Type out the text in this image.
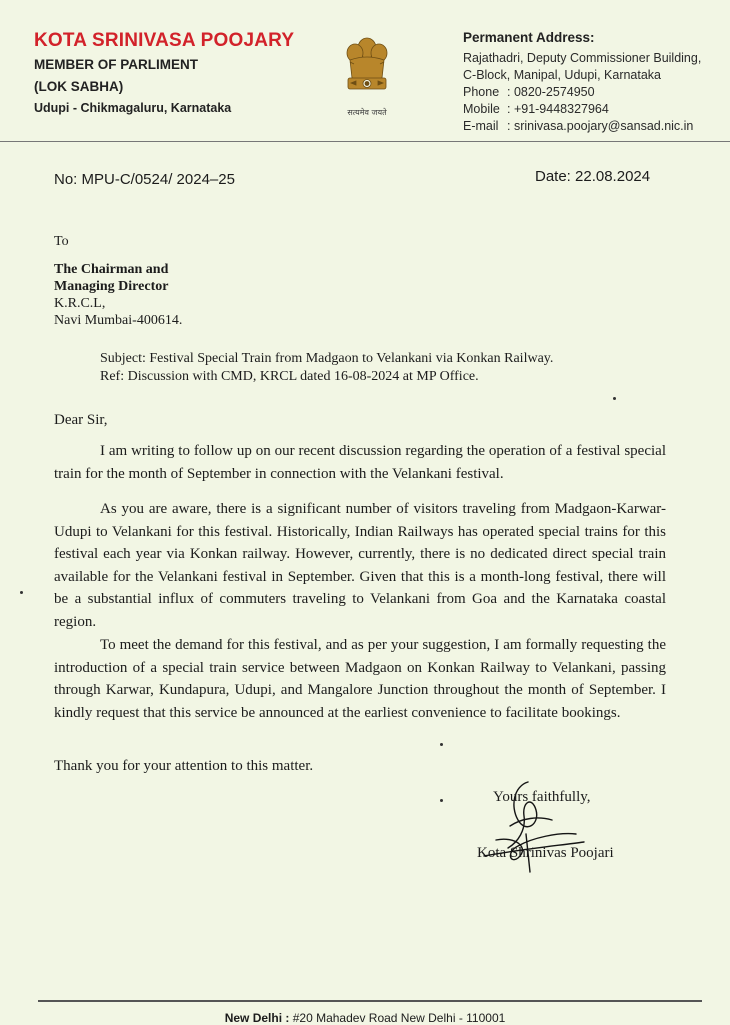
KOTA SRINIVASA POOJARY
MEMBER OF PARLIMENT
(LOK SABHA)
Udupi - Chikmagaluru, Karnataka	सत्यमेव जयते
Permanent Address:
Rajathadri, Deputy Commissioner Building,
C-Block, Manipal, Udupi, Karnataka
Phone : 0820-2574950
Mobile : +91-9448327964
E-mail : srinivasa.poojary@sansad.nic.in
No: MPU-C/0524/ 2024–25	Date: 22.08.2024
To
The Chairman and
Managing Director
K.R.C.L,
Navi Mumbai-400614.
Subject: Festival Special Train from Madgaon to Velankani via Konkan Railway.
Ref: Discussion with CMD, KRCL dated 16-08-2024 at MP Office.
Dear Sir,
I am writing to follow up on our recent discussion regarding the operation of a festival special train for the month of September in connection with the Velankani festival.
As you are aware, there is a significant number of visitors traveling from Madgaon-Karwar-Udupi to Velankani for this festival. Historically, Indian Railways has operated special trains for this festival each year via Konkan railway. However, currently, there is no dedicated direct special train available for the Velankani festival in September. Given that this is a month-long festival, there will be a substantial influx of commuters traveling to Velankani from Goa and the Karnataka coastal region.
To meet the demand for this festival, and as per your suggestion, I am formally requesting the introduction of a special train service between Madgaon on Konkan Railway to Velankani, passing through Karwar, Kundapura, Udupi, and Mangalore Junction throughout the month of September. I kindly request that this service be announced at the earliest convenience to facilitate bookings.
Thank you for your attention to this matter.
Yours faithfully,
Kota Shrinivas Poojari
New Delhi : #20 Mahadev Road New Delhi - 110001
